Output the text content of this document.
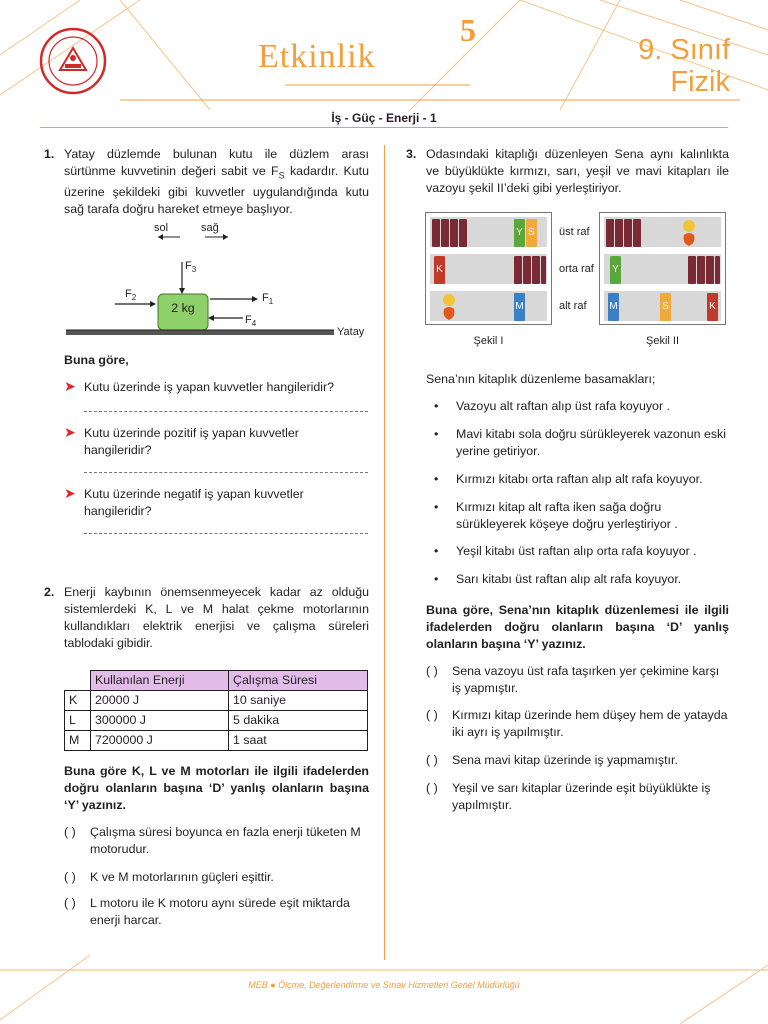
Etkinlik
5
9. Sınıf
Fizik
İş - Güç - Enerji - 1
1. Yatay düzlemde bulunan kutu ile düzlem arası sürtünme kuvvetinin değeri sabit ve $F_S$ kadardır. Kutu üzerine şekildeki gibi kuvvetler uygulandığında kutu sağ tarafa doğru hareket etmeye başlıyor.
sol	sağ
2 kg
Yatay
$F_3$
$F_2$	$F_1$
$F_4$
Buna göre,
➤ Kutu üzerinde iş yapan kuvvetler hangileridir?
➤ Kutu üzerinde pozitif iş yapan kuvvetler hangileridir?
➤ Kutu üzerinde negatif iş yapan kuvvetler hangileridir?
2. Enerji kaybının önemsenmeyecek kadar az olduğu sistemlerdeki K, L ve M halat çekme motorlarının kullandıkları elektrik enerjisi ve çalışma süreleri tablodaki gibidir.
	Kullanılan Enerji	Çalışma Süresi
K	20000 J	10 saniye
L	300000 J	5 dakika
M	7200000 J	1 saat
Buna göre K, L ve M motorları ile ilgili ifadelerden doğru olanların başına ‘D’ yanlış olanların başına ‘Y’ yazınız.
( ) Çalışma süresi boyunca en fazla enerji tüketen M motorudur.
( ) K ve M motorlarının güçleri eşittir.
( ) L motoru ile K motoru aynı sürede eşit miktarda enerji harcar.
3. Odasındaki kitaplığı düzenleyen Sena aynı kalınlıkta ve büyüklükte kırmızı, sarı, yeşil ve mavi kitapları ile vazoyu şekil II’deki gibi yerleştiriyor.
Y S
K
M
Y
M	S	K
üst raf
orta raf
alt raf
Şekil I	Şekil II
Sena’nın kitaplık düzenleme basamakları;
• Vazoyu alt raftan alıp üst rafa koyuyor .
• Mavi kitabı sola doğru sürükleyerek vazonun eski yerine getiriyor.
• Kırmızı kitabı orta raftan alıp alt rafa koyuyor.
• Kırmızı kitap alt rafta iken sağa doğru sürükleyerek köşeye doğru yerleştiriyor .
• Yeşil kitabı üst raftan alıp orta rafa koyuyor .
• Sarı kitabı üst raftan alıp alt rafa koyuyor.
Buna göre, Sena’nın kitaplık düzenlemesi ile ilgili ifadelerden doğru olanların başına ‘D’ yanlış olanların başına ‘Y’ yazınız.
( ) Sena vazoyu üst rafa taşırken yer çekimine karşı iş yapmıştır.
( ) Kırmızı kitap üzerinde hem düşey hem de yatayda iki ayrı iş yapılmıştır.
( ) Sena mavi kitap üzerinde iş yapmamıştır.
( ) Yeşil ve sarı kitaplar üzerinde eşit büyüklükte iş yapılmıştır.
MEB ● Ölçme, Değerlendirme ve Sınav Hizmetleri Genel Müdürlüğü
